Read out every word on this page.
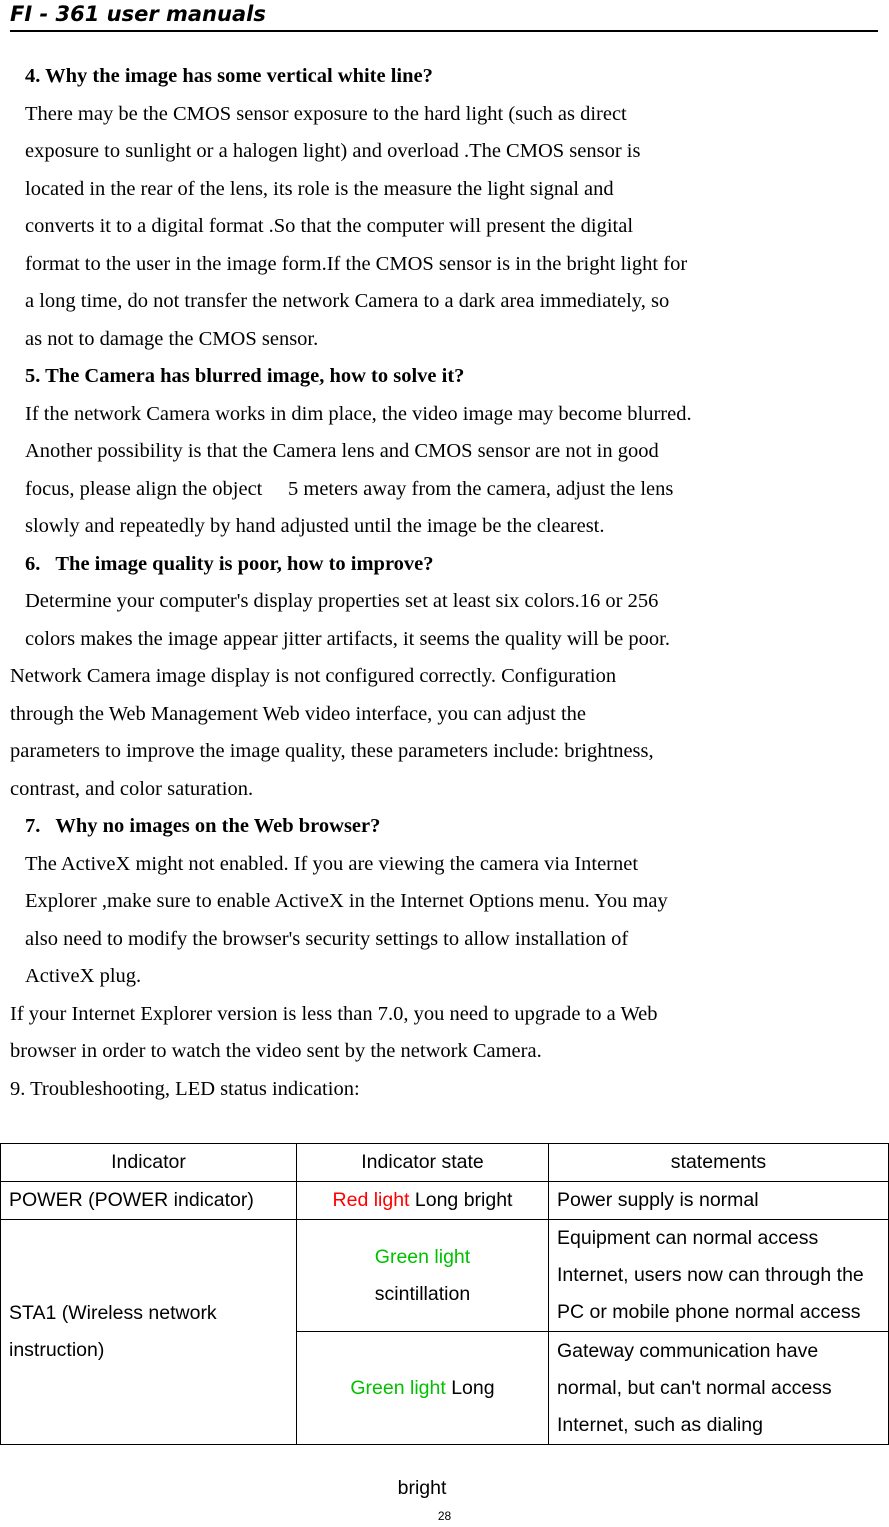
FI - 361 user manuals

4. Why the image has some vertical white line?

There may be the CMOS sensor exposure to the hard light (such as direct

exposure to sunlight or a halogen light) and overload .The CMOS sensor is

located in the rear of the lens, its role is the measure the light signal and

converts it to a digital format .So that the computer will present the digital

format to the user in the image form.If the CMOS sensor is in the bright light for

a long time, do not transfer the network Camera to a dark area immediately, so

as not to damage the CMOS sensor.

5. The Camera has blurred image, how to solve it?

If the network Camera works in dim place, the video image may become blurred.

Another possibility is that the Camera lens and CMOS sensor are not in good

focus, please align the object   5 meters away from the camera, adjust the lens

slowly and repeatedly by hand adjusted until the image be the clearest.

6.  The image quality is poor, how to improve?

Determine your computer's display properties set at least six colors.16 or 256

colors makes the image appear jitter artifacts, it seems the quality will be poor.

Network Camera image display is not configured correctly. Configuration

through the Web Management Web video interface, you can adjust the

parameters to improve the image quality, these parameters include: brightness,

contrast, and color saturation.

7.  Why no images on the Web browser?

The ActiveX might not enabled. If you are viewing the camera via Internet

Explorer ,make sure to enable ActiveX in the Internet Options menu. You may

also need to modify the browser's security settings to allow installation of

ActiveX plug.

If your Internet Explorer version is less than 7.0, you need to upgrade to a Web

browser in order to watch the video sent by the network Camera.

9. Troubleshooting, LED status indication:

Indicator	Indicator state	statements
POWER (POWER indicator)	Red light Long bright	Power supply is normal
STA1 (Wireless network instruction)	Green light
scintillation	Equipment can normal access Internet, users now can through the PC or mobile phone normal access
	Green light Long	Gateway communication have normal, but can't normal access Internet, such as dialing
bright
28
